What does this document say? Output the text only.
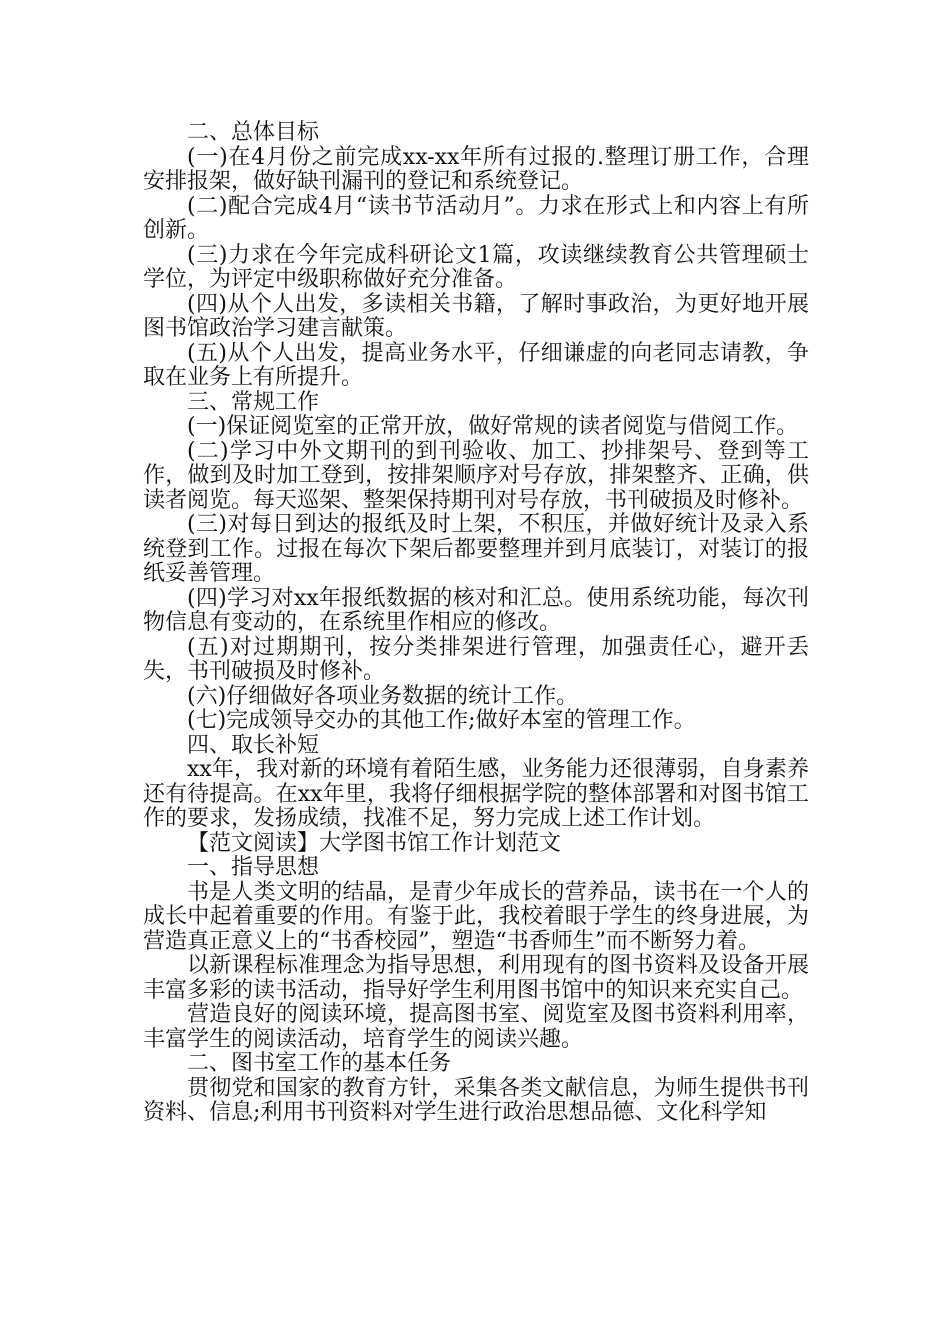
二、总体目标

(一)在4月份之前完成xx-xx年所有过报的.整理订册工作，合理安排报架，做好缺刊漏刊的登记和系统登记。

(二)配合完成4月“读书节活动月”。力求在形式上和内容上有所创新。

(三)力求在今年完成科研论文1篇，攻读继续教育公共管理硕士学位，为评定中级职称做好充分准备。

(四)从个人出发，多读相关书籍，了解时事政治，为更好地开展图书馆政治学习建言献策。

(五)从个人出发，提高业务水平，仔细谦虚的向老同志请教，争取在业务上有所提升。

三、常规工作

(一)保证阅览室的正常开放，做好常规的读者阅览与借阅工作。

(二)学习中外文期刊的到刊验收、加工、抄排架号、登到等工作，做到及时加工登到，按排架顺序对号存放，排架整齐、正确，供读者阅览。每天巡架、整架保持期刊对号存放，书刊破损及时修补。

(三)对每日到达的报纸及时上架，不积压，并做好统计及录入系统登到工作。过报在每次下架后都要整理并到月底装订，对装订的报纸妥善管理。

(四)学习对xx年报纸数据的核对和汇总。使用系统功能，每次刊物信息有变动的，在系统里作相应的修改。

(五)对过期期刊，按分类排架进行管理，加强责任心，避开丢失，书刊破损及时修补。

(六)仔细做好各项业务数据的统计工作。

(七)完成领导交办的其他工作;做好本室的管理工作。

四、取长补短

xx年，我对新的环境有着陌生感，业务能力还很薄弱，自身素养还有待提高。在xx年里，我将仔细根据学院的整体部署和对图书馆工作的要求，发扬成绩，找准不足，努力完成上述工作计划。

【范文阅读】大学图书馆工作计划范文

一、指导思想

书是人类文明的结晶，是青少年成长的营养品，读书在一个人的成长中起着重要的作用。有鉴于此，我校着眼于学生的终身进展，为营造真正意义上的“书香校园”，塑造“书香师生”而不断努力着。

以新课程标准理念为指导思想，利用现有的图书资料及设备开展丰富多彩的读书活动，指导好学生利用图书馆中的知识来充实自己。

营造良好的阅读环境，提高图书室、阅览室及图书资料利用率，丰富学生的阅读活动，培育学生的阅读兴趣。

二、图书室工作的基本任务

贯彻党和国家的教育方针，采集各类文献信息，为师生提供书刊资料、信息;利用书刊资料对学生进行政治思想品德、文化科学知
